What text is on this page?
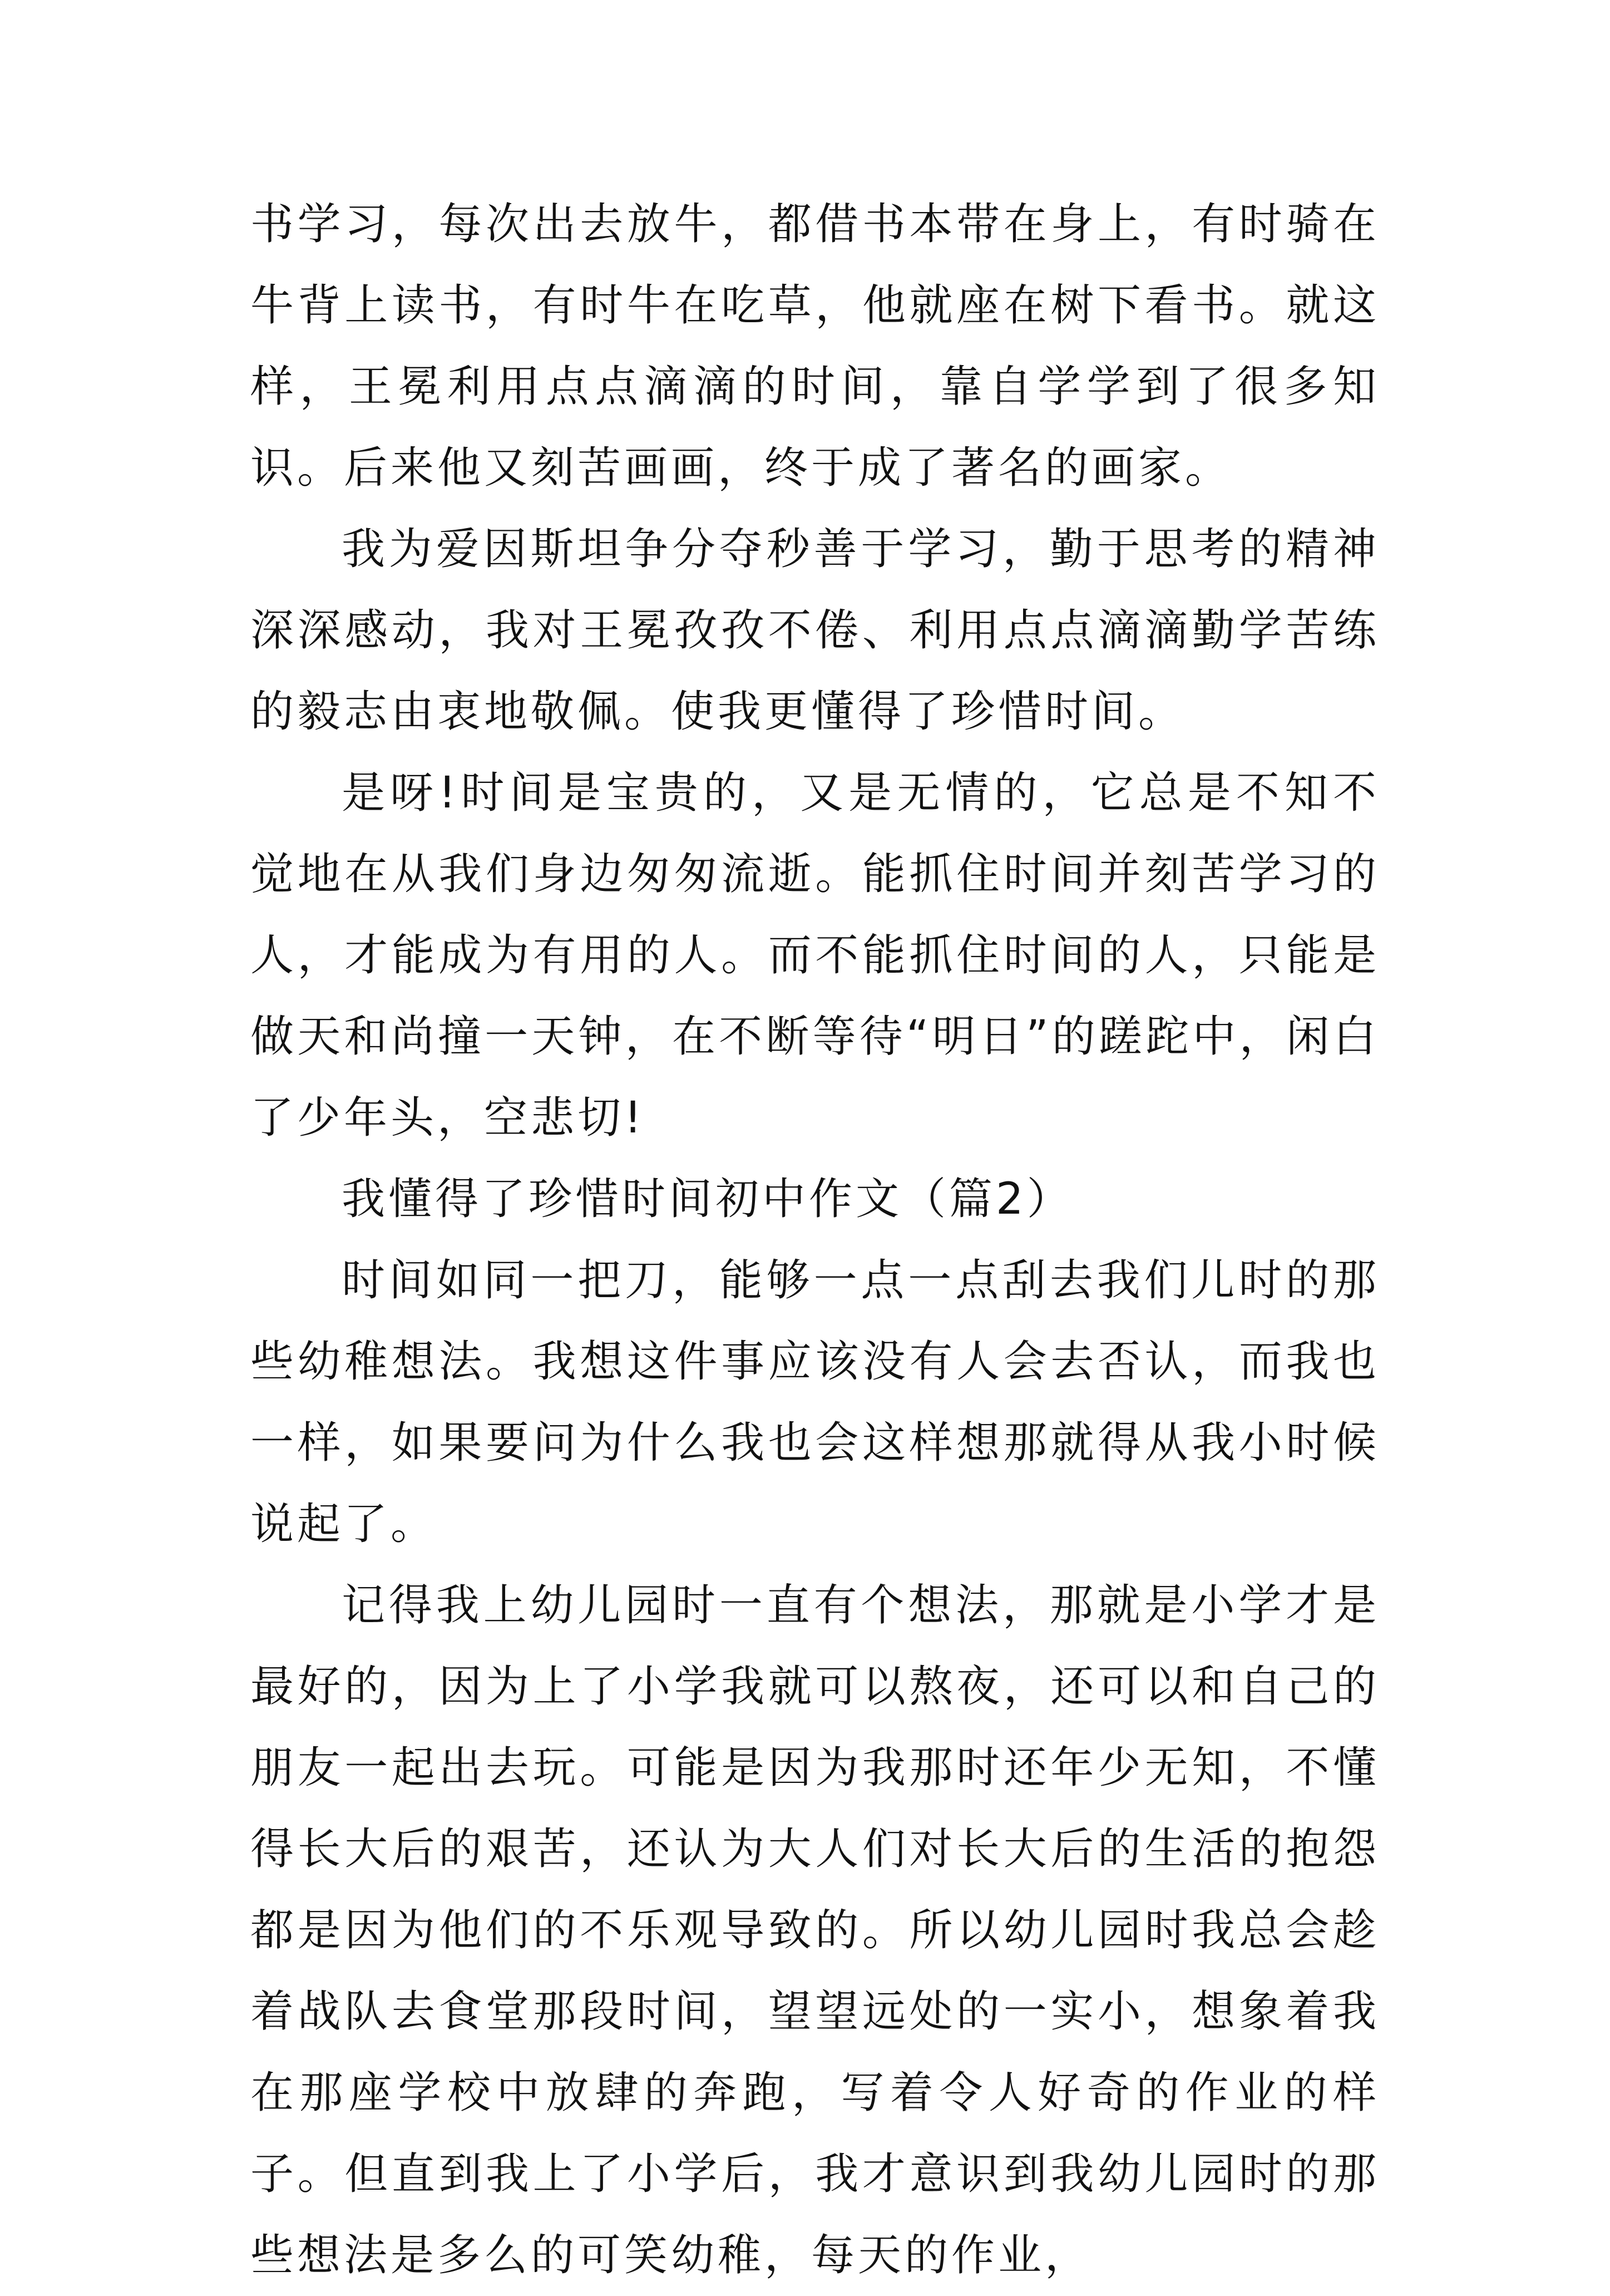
书学习，每次出去放牛，都借书本带在身上，有时骑在牛背上读书，有时牛在吃草，他就座在树下看书。就这样，王冕利用点点滴滴的时间，靠自学学到了很多知识。后来他又刻苦画画，终于成了著名的画家。

我为爱因斯坦争分夺秒善于学习，勤于思考的精神深深感动，我对王冕孜孜不倦、利用点点滴滴勤学苦练的毅志由衷地敬佩。使我更懂得了珍惜时间。

是呀!时间是宝贵的，又是无情的，它总是不知不觉地在从我们身边匆匆流逝。能抓住时间并刻苦学习的人，才能成为有用的人。而不能抓住时间的人，只能是做天和尚撞一天钟，在不断等待“明日”的蹉跎中，闲白了少年头，空悲切!

我懂得了珍惜时间初中作文（篇2）

时间如同一把刀，能够一点一点刮去我们儿时的那些幼稚想法。我想这件事应该没有人会去否认，而我也一样，如果要问为什么我也会这样想那就得从我小时候说起了。

记得我上幼儿园时一直有个想法，那就是小学才是最好的，因为上了小学我就可以熬夜，还可以和自己的朋友一起出去玩。可能是因为我那时还年少无知，不懂得长大后的艰苦，还认为大人们对长大后的生活的抱怨都是因为他们的不乐观导致的。所以幼儿园时我总会趁着战队去食堂那段时间，望望远处的一实小，想象着我在那座学校中放肆的奔跑，写着令人好奇的作业的样子。但直到我上了小学后，我才意识到我幼儿园时的那些想法是多么的可笑幼稚，每天的作业，
